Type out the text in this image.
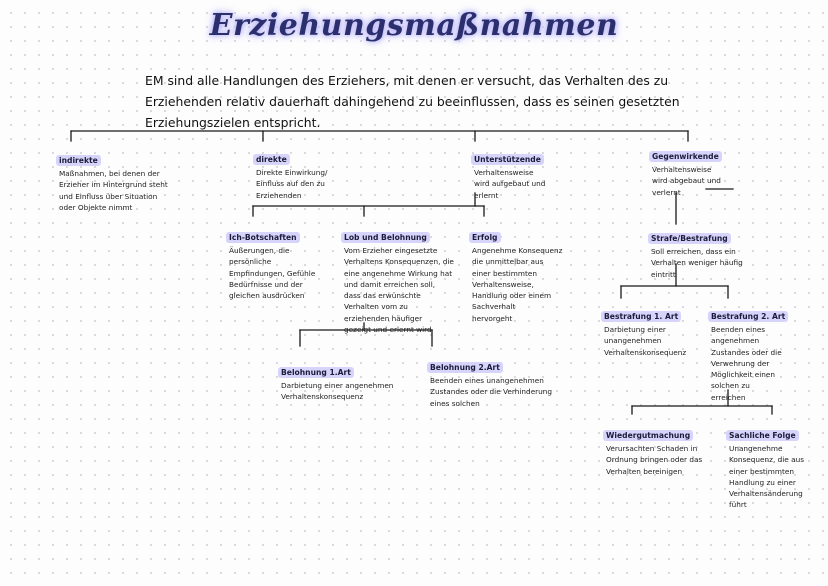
Erziehungsmaßnahmen
EM sind alle Handlungen des Erziehers, mit denen er versucht, das Verhalten des zu Erziehenden relativ dauerhaft dahingehend zu beeinflussen, dass es seinen gesetzten Erziehungszielen entspricht.
indirekte
Maßnahmen, bei denen der
Erzieher im Hintergrund steht
und Einfluss über Situation
oder Objekte nimmt
direkte
Direkte Einwirkung/
Einfluss auf den zu
Erziehenden
Unterstützende
Verhaltensweise
wird aufgebaut und
erlernt
Gegenwirkende
Verhaltensweise
wird abgebaut und
verlernt
Ich-Botschaften
Äußerungen, die
persönliche
Empfindungen, Gefühle
Bedürfnisse und der
gleichen ausdrücken
Lob und Belohnung
Vom Erzieher eingesetzte
Verhaltens Konsequenzen, die
eine angenehme Wirkung hat
und damit erreichen soll,
dass das erwünschte
Verhalten vom zu
erziehenden häufiger
gezeigt und erlernt wird
Erfolg
Angenehme Konsequenz
die unmittelbar aus
einer bestimmten
Verhaltensweise,
Handlung oder einem
Sachverhalt
hervorgeht
Strafe/Bestrafung
Soll erreichen, dass ein
Verhalten weniger häufig
eintritt
Belohnung 1.Art
Darbietung einer angenehmen
Verhaltenskonsequenz
Belohnung 2.Art
Beenden eines unangenehmen
Zustandes oder die Verhinderung
eines solchen
Bestrafung 1. Art
Darbietung einer
unangenehmen
Verhaltenskonsequenz
Bestrafung 2. Art
Beenden eines
angenehmen
Zustandes oder die
Verwehrung der
Möglichkeit einen
solchen zu
erreichen
Wiedergutmachung
Verursachten Schaden in
Ordnung bringen oder das
Verhalten bereinigen
Sachliche Folge
Unangenehme
Konsequenz, die aus
einer bestimmten
Handlung zu einer
Verhaltensänderung
führt
